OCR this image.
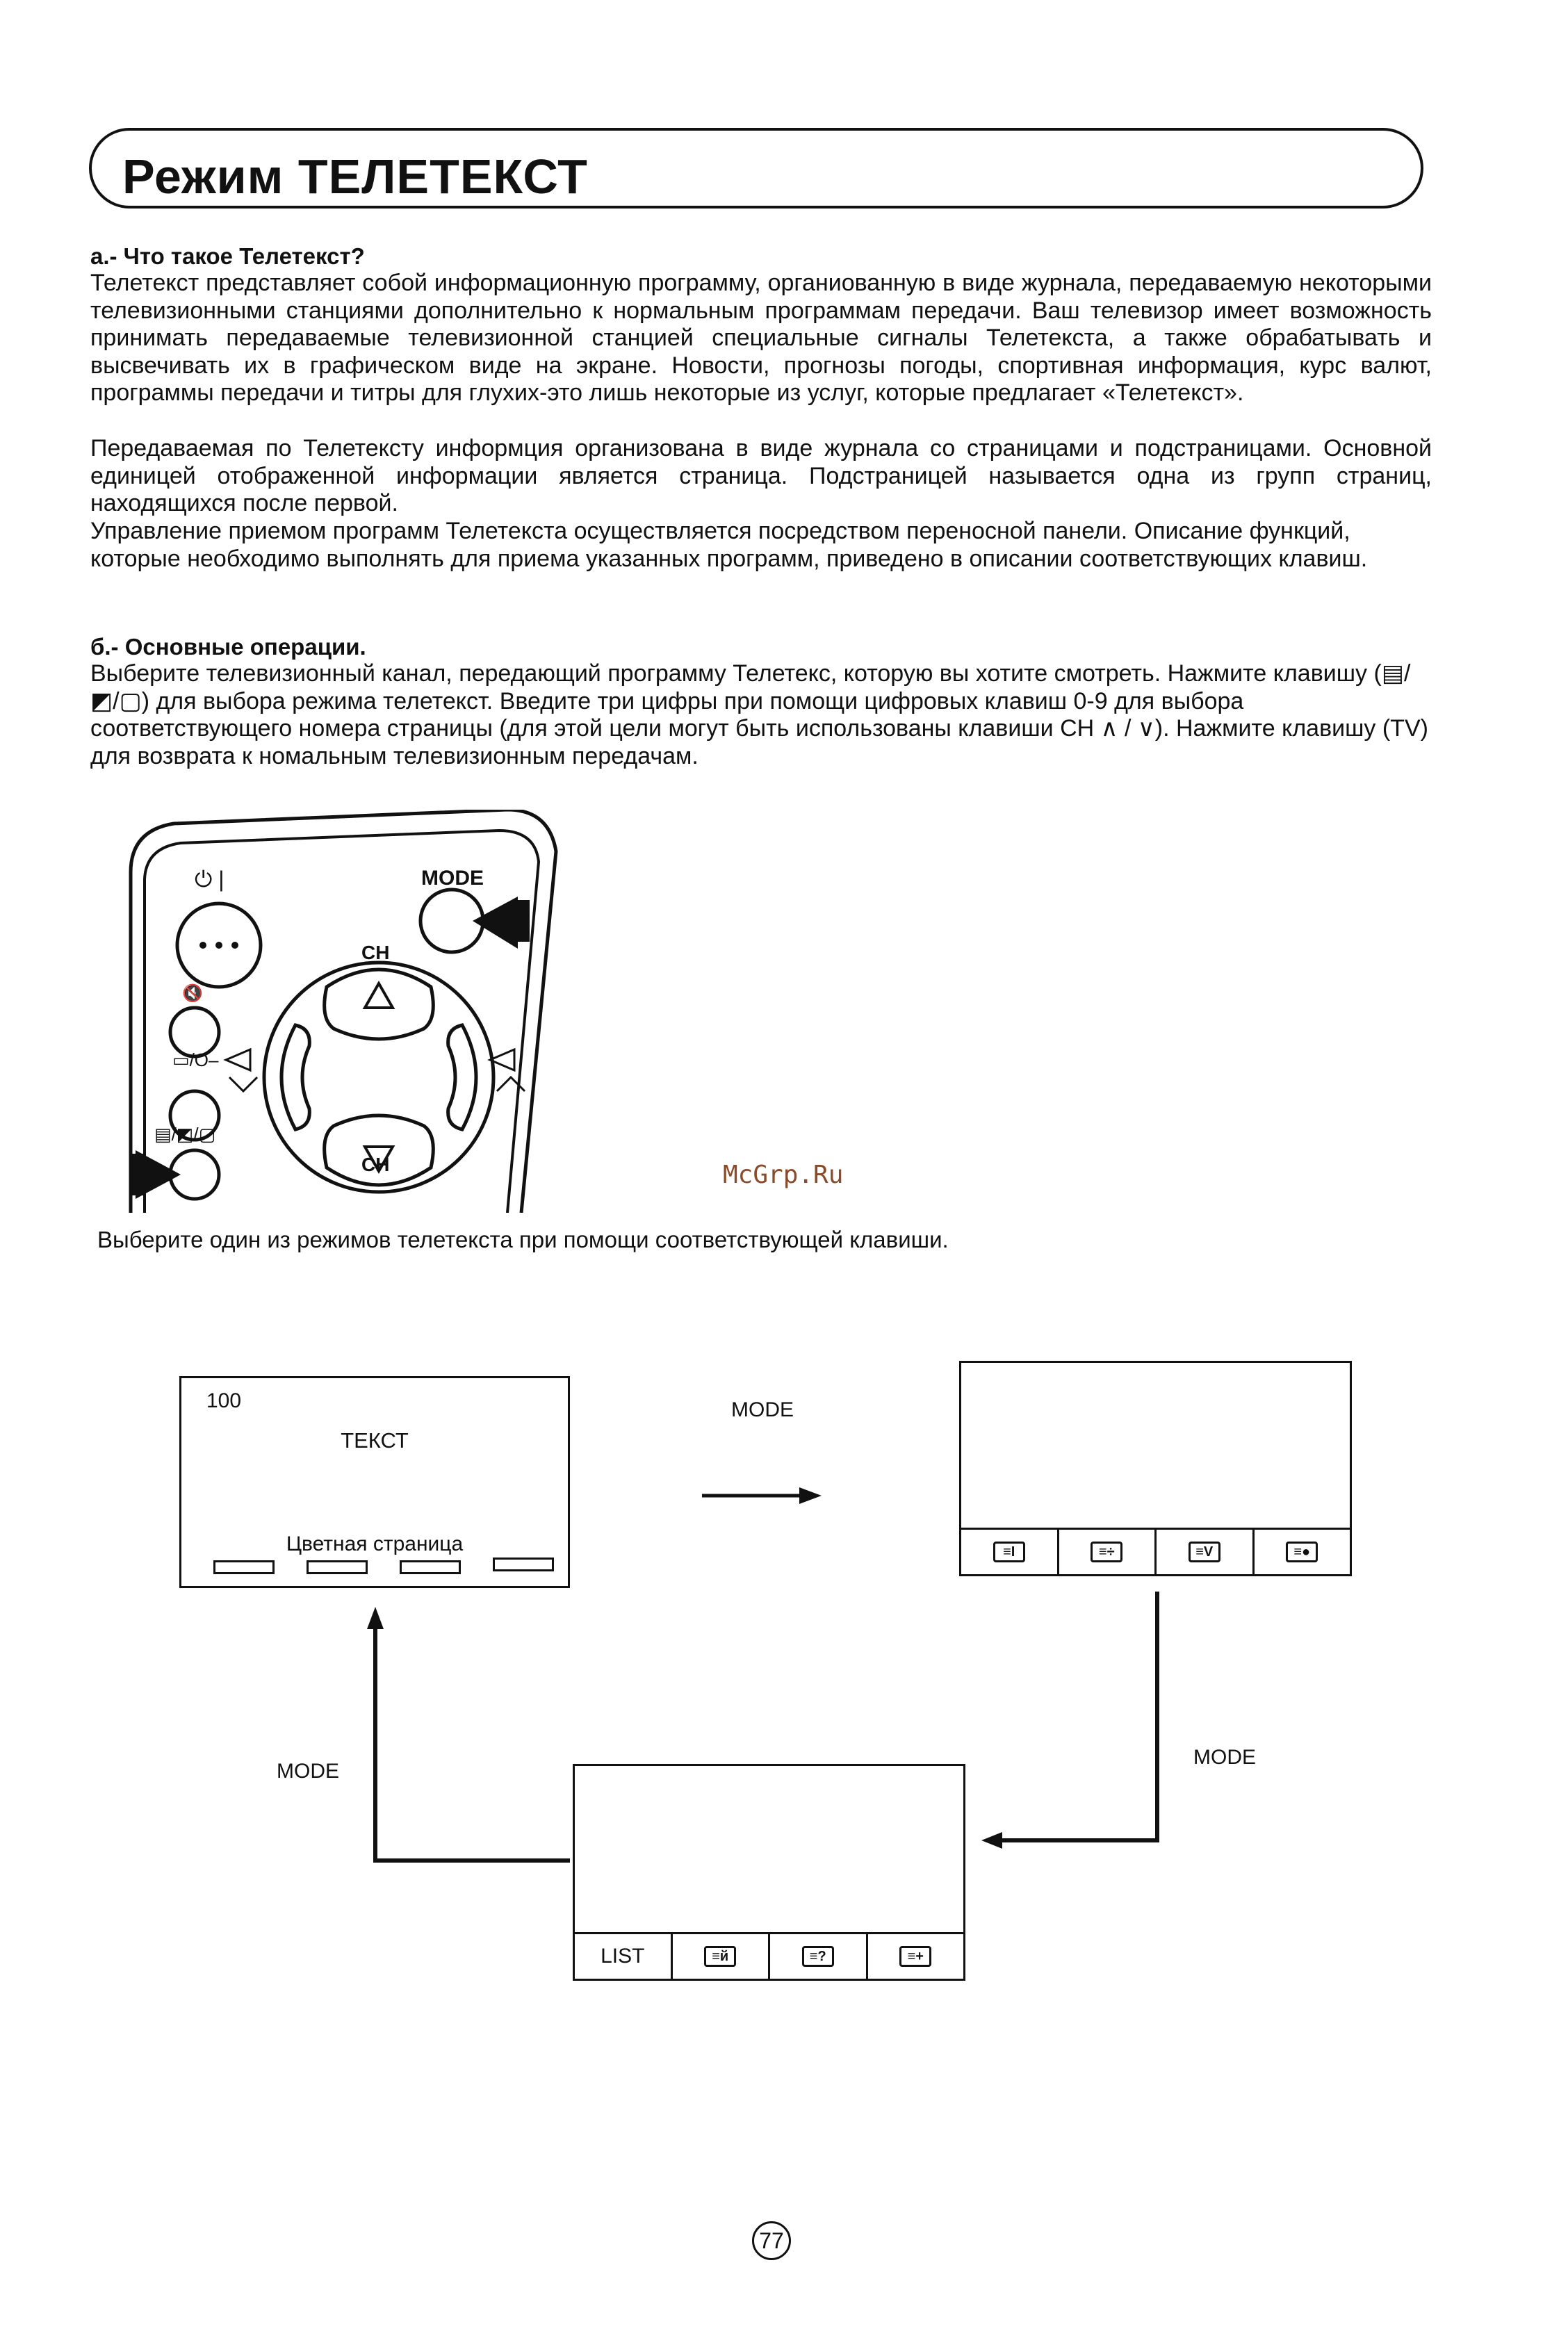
Режим ТЕЛЕТЕКСТ
а.- Что такое Телетекст?
Телетекст представляет собой информационную программу, органиованную в виде журнала, передаваемую некоторыми телевизионными станциями дополнительно к нормальным программам передачи. Ваш телевизор имеет возможность принимать передаваемые телевизионной станцией специальные сигналы Телетекста, а также обрабатывать и высвечивать их в графическом виде на экране. Новости, прогнозы погоды, спортивная информация, курс валют, программы передачи и титры для глухих-это лишь некоторые из услуг, которые предлагает «Телетекст».
Передаваемая по Телетексту информция организована в виде журнала со страницами и подстраницами. Основной единицей отображенной информации является страница. Подстраницей называется одна из групп страниц, находящихся после первой.
Управление приемом программ Телетекста осуществляется посредством переносной панели. Описание функций, которые необходимо выполнять для приема указанных программ, приведено в описании соответствующих клавиш.
б.- Основные операции.
Выберите телевизионный канал, передающий программу Телетекс, которую вы хотите смотреть. Нажмите клавишу (▤/◩/▢) для выбора режима телетекст. Введите три цифры при помощи цифровых клавиш 0-9 для выбора соответствующего номера страницы (для этой цели могут быть использованы клавиши CH ∧ / ∨). Нажмите клавишу (TV) для возврата к номальным телевизионным передачам.
⏻ |	MODE
CH
CH
🔇
▭/O‒
▤/◩/▢
McGrp.Ru
Выберите один из режимов телетекста при помощи соответствующей клавиши.
100
ТЕКСТ
Цветная страница	≡I	≡÷	≡V	≡●
LIST	≡й	≡?	≡+
MODE
MODE
MODE
77
